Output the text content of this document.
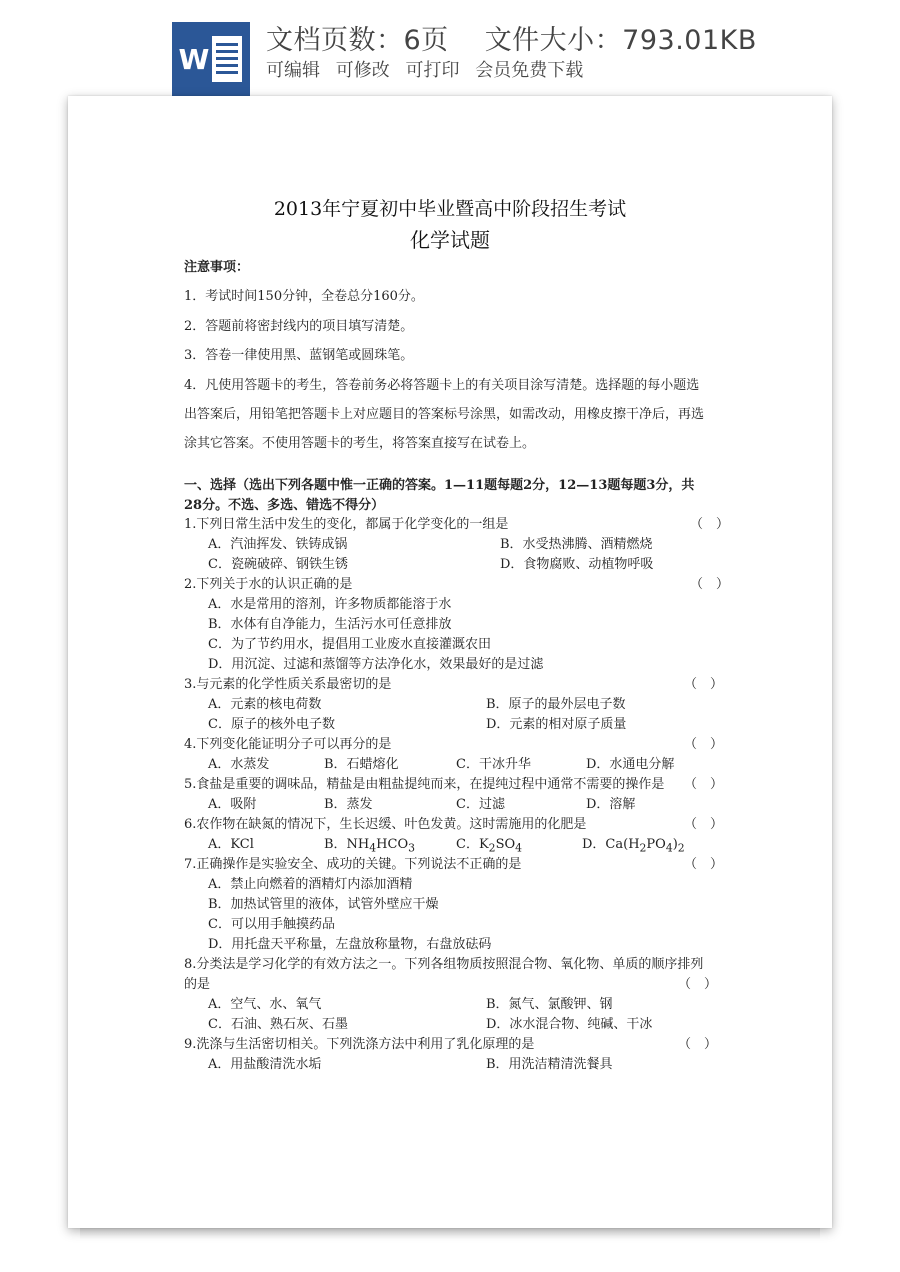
W
文档页数：6页 文件大小：793.01KB
可编辑 可修改 可打印 会员免费下载
2013年宁夏初中毕业暨高中阶段招生考试
化学试题
注意事项：
1．考试时间150分钟，全卷总分160分。
2．答题前将密封线内的项目填写清楚。
3．答卷一律使用黑、蓝钢笔或圆珠笔。
4．凡使用答题卡的考生，答卷前务必将答题卡上的有关项目涂写清楚。选择题的每小题选
出答案后，用铅笔把答题卡上对应题目的答案标号涂黑，如需改动，用橡皮擦干净后，再选
涂其它答案。不使用答题卡的考生，将答案直接写在试卷上。
一、选择（选出下列各题中惟一正确的答案。1—11题每题2分，12—13题每题3分，共
28分。不选、多选、错选不得分）
1.下列日常生活中发生的变化，都属于化学变化的一组是	（　）
A．汽油挥发、铁铸成锅	B．水受热沸腾、酒精燃烧
C．瓷碗破碎、钢铁生锈	D．食物腐败、动植物呼吸
2.下列关于水的认识正确的是	（　）
A．水是常用的溶剂，许多物质都能溶于水
B．水体有自净能力，生活污水可任意排放
C．为了节约用水，提倡用工业废水直接灌溉农田
D．用沉淀、过滤和蒸馏等方法净化水，效果最好的是过滤
3.与元素的化学性质关系最密切的是	（　）
A．元素的核电荷数	B．原子的最外层电子数
C．原子的核外电子数	D．元素的相对原子质量
4.下列变化能证明分子可以再分的是	（　）
A．水蒸发	B．石蜡熔化	C．干冰升华	D．水通电分解
5.食盐是重要的调味品，精盐是由粗盐提纯而来，在提纯过程中通常不需要的操作是 （　）
A．吸附	B．蒸发	C．过滤	D．溶解
6.农作物在缺氮的情况下，生长迟缓、叶色发黄。这时需施用的化肥是	（　）
A．KCl	B．$NH_4HCO_3$	C．$K_2SO_4$	D．$Ca(H_2PO_4)_2$
7.正确操作是实验安全、成功的关键。下列说法不正确的是	（　）
A．禁止向燃着的酒精灯内添加酒精
B．加热试管里的液体，试管外壁应干燥
C．可以用手触摸药品
D．用托盘天平称量，左盘放称量物，右盘放砝码
8.分类法是学习化学的有效方法之一。下列各组物质按照混合物、氧化物、单质的顺序排列
的是	（　）
A．空气、水、氧气	B．氮气、氯酸钾、钢
C．石油、熟石灰、石墨	D．冰水混合物、纯碱、干冰
9.洗涤与生活密切相关。下列洗涤方法中利用了乳化原理的是	（　）
A．用盐酸清洗水垢	B．用洗洁精清洗餐具
